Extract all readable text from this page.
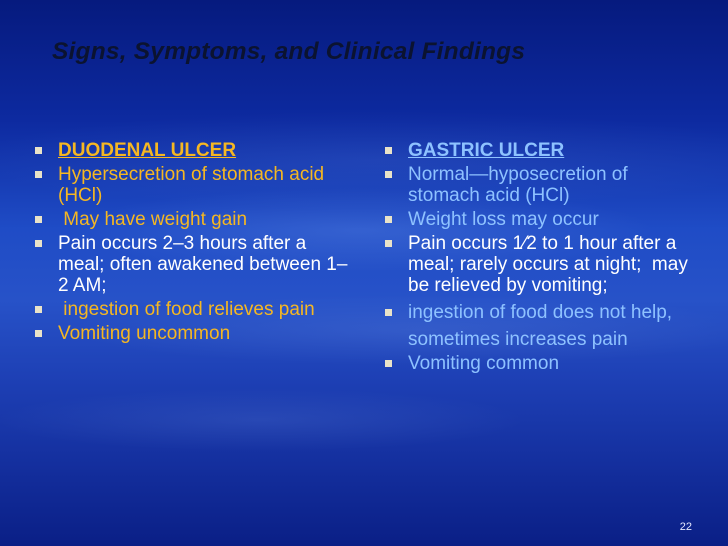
Signs, Symptoms, and Clinical Findings
DUODENAL ULCER
Hypersecretion of stomach acid (HCl)
May have weight gain
Pain occurs 2–3 hours after a meal; often awakened between 1–2 AM;
ingestion of food relieves pain
Vomiting uncommon
GASTRIC ULCER
Normal—hyposecretion of stomach acid (HCl)
Weight loss may occur
Pain occurs 1⁄2 to 1 hour after a meal; rarely occurs at night;  may be relieved by vomiting;
ingestion of food does not help, sometimes increases pain
Vomiting common
22
